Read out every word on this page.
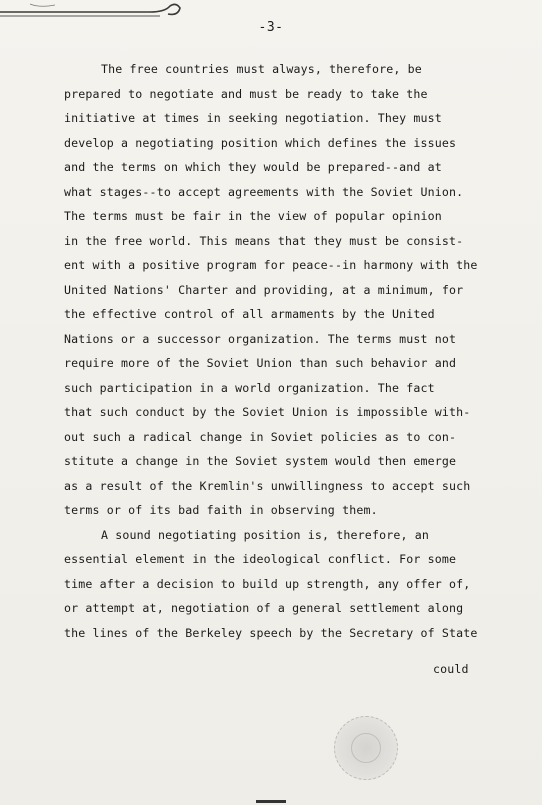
-3-
The free countries must always, therefore, be
prepared to negotiate and must be ready to take the
initiative at times in seeking negotiation. They must
develop a negotiating position which defines the issues
and the terms on which they would be prepared--and at
what stages--to accept agreements with the Soviet Union.
The terms must be fair in the view of popular opinion
in the free world. This means that they must be consist-
ent with a positive program for peace--in harmony with the
United Nations' Charter and providing, at a minimum, for
the effective control of all armaments by the United
Nations or a successor organization. The terms must not
require more of the Soviet Union than such behavior and
such participation in a world organization. The fact
that such conduct by the Soviet Union is impossible with-
out such a radical change in Soviet policies as to con-
stitute a change in the Soviet system would then emerge
as a result of the Kremlin's unwillingness to accept such
terms or of its bad faith in observing them.
A sound negotiating position is, therefore, an
essential element in the ideological conflict. For some
time after a decision to build up strength, any offer of,
or attempt at, negotiation of a general settlement along
the lines of the Berkeley speech by the Secretary of State
could
